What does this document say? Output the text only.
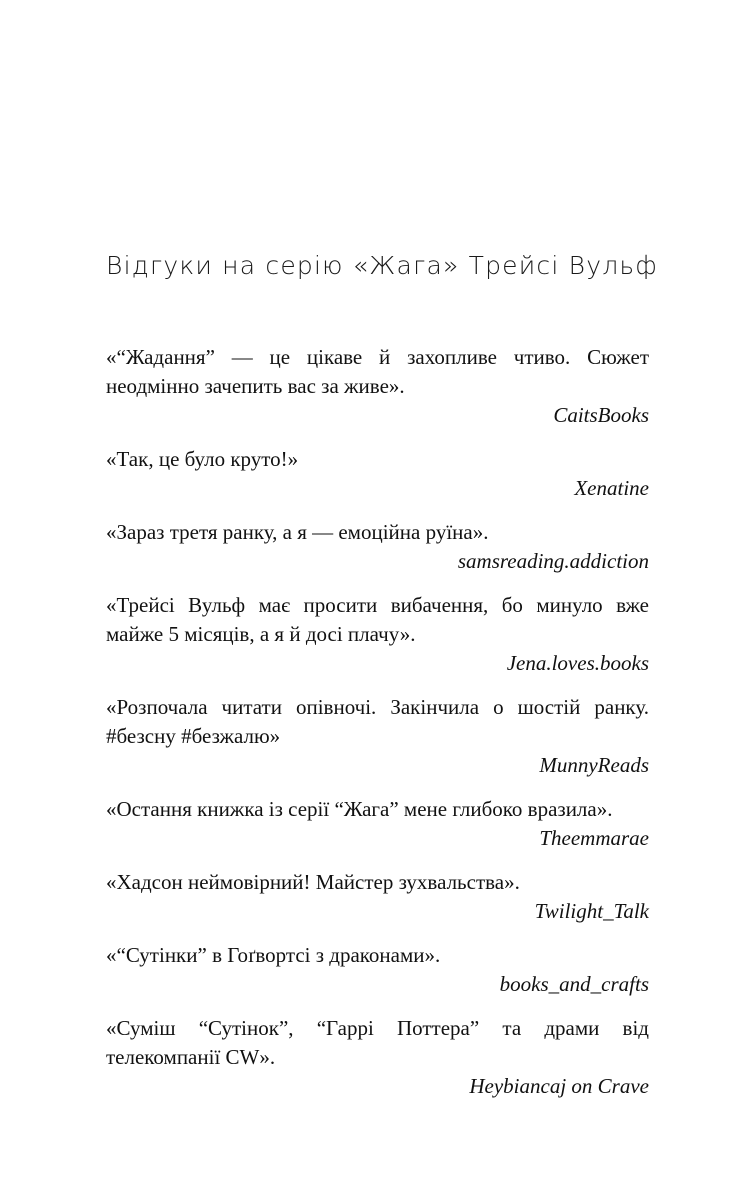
Відгуки на серію «Жага» Трейсі Вульф

«“Жадання” — це цікаве й захопливе чтиво. Сюжет неодмінно зачепить вас за живе».

CaitsBooks

«Так, це було круто!»

Xenatine

«Зараз третя ранку, а я — емоційна руїна».

samsreading.addiction

«Трейсі Вульф має просити вибачення, бо минуло вже майже 5 місяців, а я й досі плачу».

Jena.loves.books

«Розпочала читати опівночі. Закінчила о шостій ранку. #безсну #безжалю»

MunnyReads

«Остання книжка із серії “Жага” мене глибоко вразила».

Theemmarae

«Хадсон неймовірний! Майстер зухвальства».

Twilight_Talk

«“Сутінки” в Гоґвортсі з драконами».

books_and_crafts

«Суміш “Сутінок”, “Гаррі Поттера” та драми від телекомпанії CW».

Heybiancaj on Crave
